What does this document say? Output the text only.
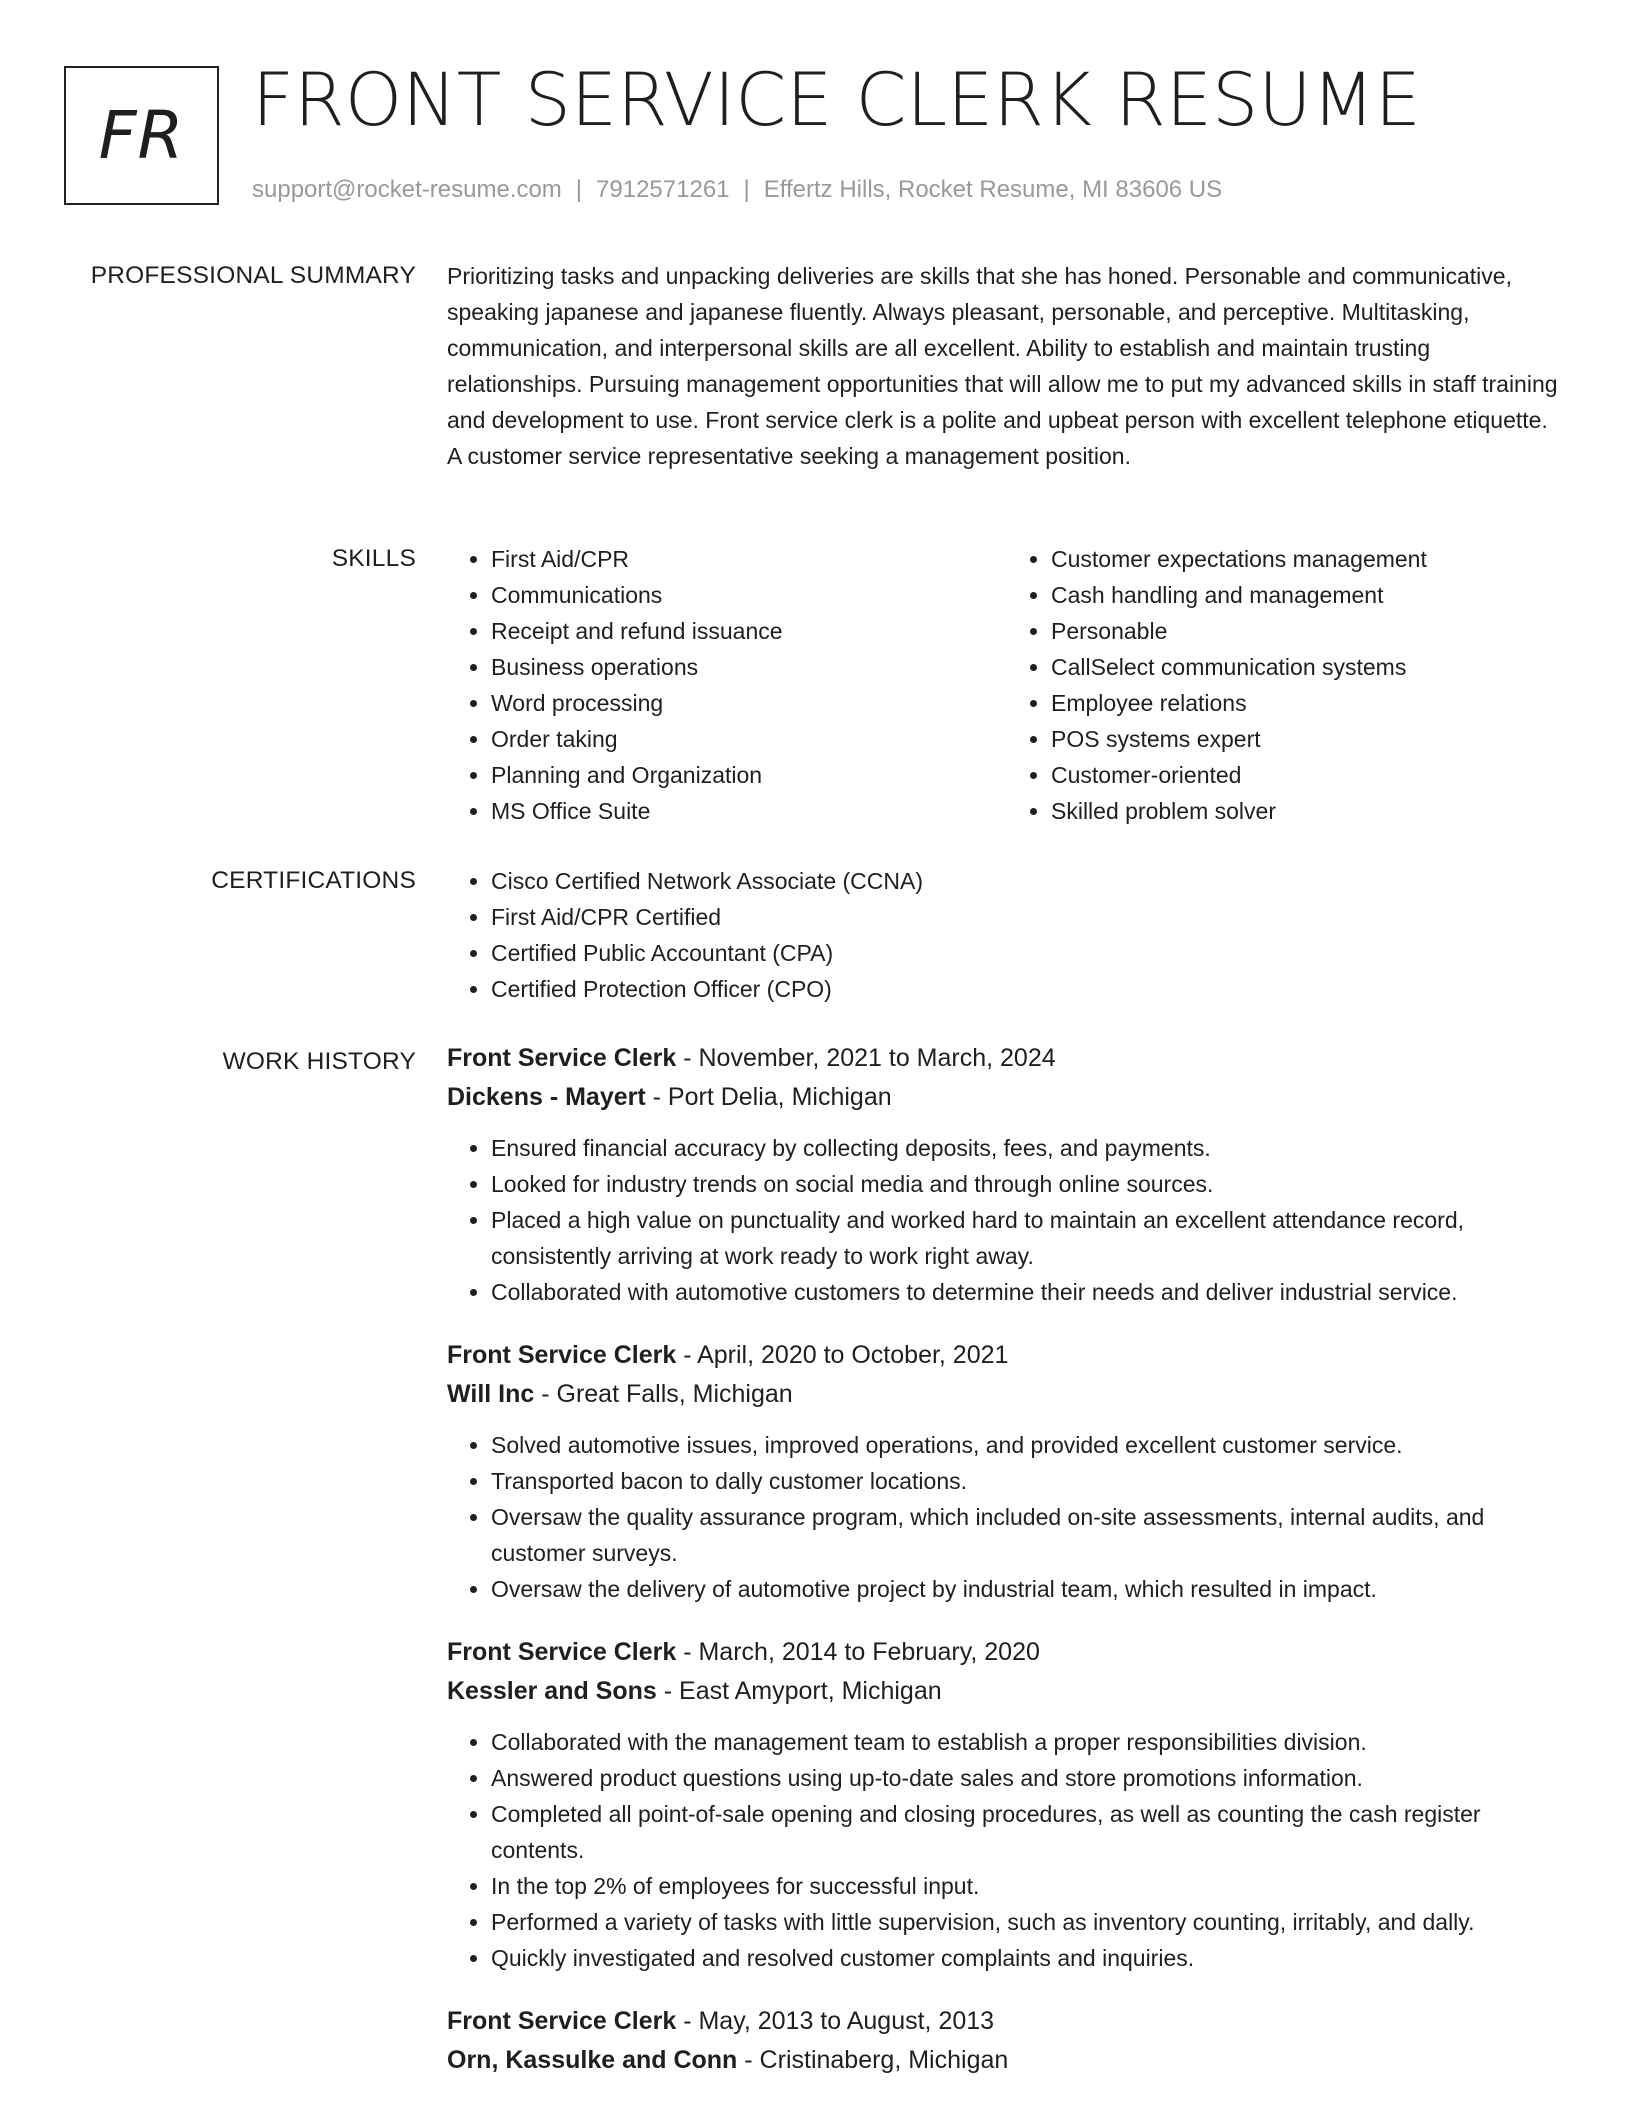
FR FRONT SERVICE CLERK RESUME
support@rocket-resume.com | 7912571261 | Effertz Hills, Rocket Resume, MI 83606 US
PROFESSIONAL SUMMARY Prioritizing tasks and unpacking deliveries are skills that she has honed. Personable and communicative, speaking japanese and japanese fluently. Always pleasant, personable, and perceptive. Multitasking, communication, and interpersonal skills are all excellent. Ability to establish and maintain trusting relationships. Pursuing management opportunities that will allow me to put my advanced skills in staff training and development to use. Front service clerk is a polite and upbeat person with excellent telephone etiquette. A customer service representative seeking a management position.

SKILLS	• First Aid/CPR
• Communications
• Receipt and refund issuance
• Business operations
• Word processing
• Order taking
• Planning and Organization
• MS Office Suite
• Customer expectations management
• Cash handling and management
• Personable
• CallSelect communication systems
• Employee relations
• POS systems expert
• Customer-oriented
• Skilled problem solver
CERTIFICATIONS	• Cisco Certified Network Associate (CCNA)
• First Aid/CPR Certified
• Certified Public Accountant (CPA)
• Certified Protection Officer (CPO)
WORK HISTORY Front Service Clerk - November, 2021 to March, 2024
Dickens - Mayert - Port Delia, Michigan
• Ensured financial accuracy by collecting deposits, fees, and payments.
• Looked for industry trends on social media and through online sources.
• Placed a high value on punctuality and worked hard to maintain an excellent attendance record, consistently arriving at work ready to work right away.
• Collaborated with automotive customers to determine their needs and deliver industrial service.
Front Service Clerk - April, 2020 to October, 2021
Will Inc - Great Falls, Michigan
• Solved automotive issues, improved operations, and provided excellent customer service.
• Transported bacon to dally customer locations.
• Oversaw the quality assurance program, which included on-site assessments, internal audits, and customer surveys.
• Oversaw the delivery of automotive project by industrial team, which resulted in impact.
Front Service Clerk - March, 2014 to February, 2020
Kessler and Sons - East Amyport, Michigan
• Collaborated with the management team to establish a proper responsibilities division.
• Answered product questions using up-to-date sales and store promotions information.
• Completed all point-of-sale opening and closing procedures, as well as counting the cash register contents.
• In the top 2% of employees for successful input.
• Performed a variety of tasks with little supervision, such as inventory counting, irritably, and dally.
• Quickly investigated and resolved customer complaints and inquiries.
Front Service Clerk - May, 2013 to August, 2013
Orn, Kassulke and Conn - Cristinaberg, Michigan
